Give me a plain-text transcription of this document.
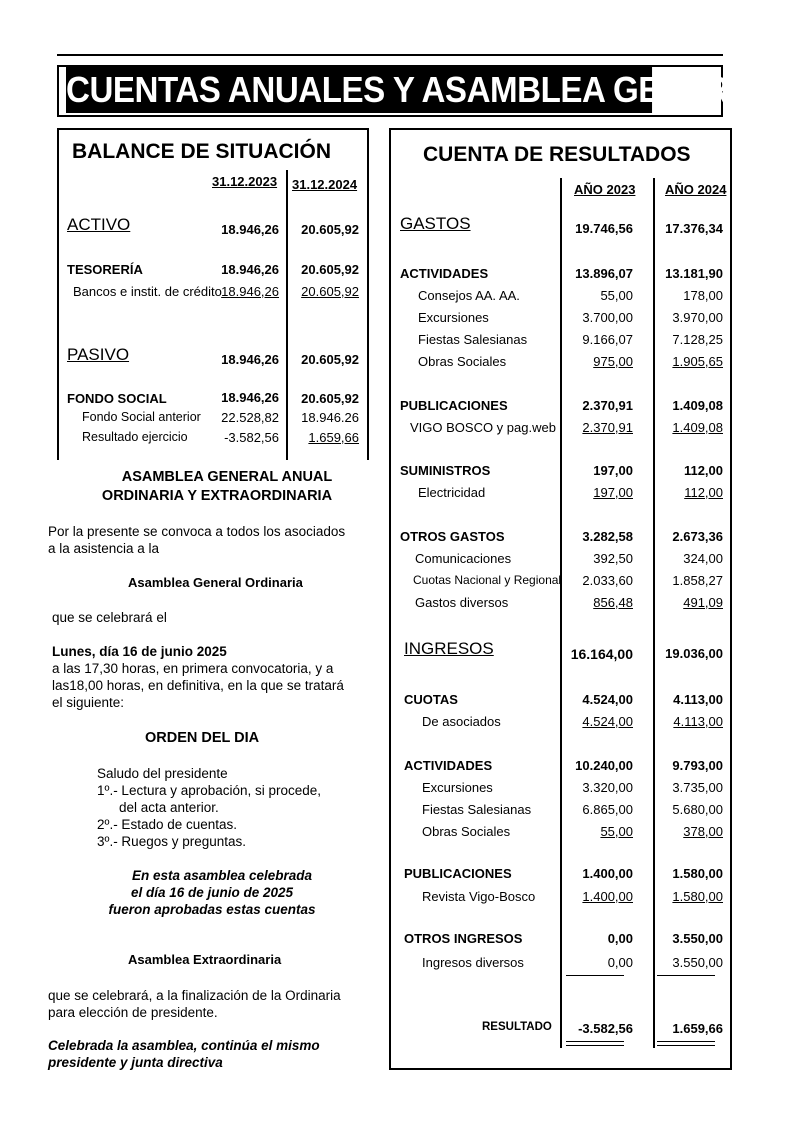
CUENTAS ANUALES Y ASAMBLEA GENERAL
BALANCE DE SITUACIÓN
31.12.2023 31.12.2024
ACTIVO	18.946,26	20.605,92
TESORERÍA	18.946,26	20.605,92
Bancos e instit. de crédito 18.946,26	20.605,92
PASIVO	18.946,26	20.605,92
FONDO SOCIAL	18.946,26	20.605,92
Fondo Social anterior	22.528,82	18.946.26
Resultado ejercicio	-3.582,56	1.659,66
ASAMBLEA GENERAL ANUAL
ORDINARIA Y EXTRAORDINARIA
Por la presente se convoca a todos los asociados
a la asistencia a la
Asamblea General Ordinaria
que se celebrará el
Lunes, día 16 de junio 2025
a las 17,30 horas, en primera convocatoria, y a
las18,00 horas, en definitiva, en la que se tratará
el siguiente:
ORDEN DEL DIA
Saludo del presidente
1º.- Lectura y aprobación, si procede,
del acta anterior.
2º.- Estado de cuentas.
3º.- Ruegos y preguntas.
En esta asamblea celebrada
el día 16 de junio de 2025
fueron aprobadas estas cuentas
Asamblea Extraordinaria
que se celebrará, a la finalización de la Ordinaria
para elección de presidente.
Celebrada la asamblea, continúa el mismo
presidente y junta directiva
CUENTA DE RESULTADOS
AÑO 2023 AÑO 2024
GASTOS	19.746,56	17.376,34
ACTIVIDADES	13.896,07	13.181,90
Consejos AA. AA.	55,00	178,00
Excursiones	3.700,00	3.970,00
Fiestas Salesianas	9.166,07	7.128,25
Obras Sociales	975,00	1.905,65
PUBLICACIONES	2.370,91	1.409,08
VIGO BOSCO y pag.web	2.370,91	1.409,08
SUMINISTROS	197,00	112,00
Electricidad	197,00	112,00
OTROS GASTOS	3.282,58	2.673,36
Comunicaciones	392,50	324,00
Cuotas Nacional y Regional	2.033,60	1.858,27
Gastos diversos	856,48	491,09
INGRESOS	16.164,00	19.036,00
CUOTAS	4.524,00	4.113,00
De asociados	4.524,00	4.113,00
ACTIVIDADES	10.240,00	9.793,00
Excursiones	3.320,00	3.735,00
Fiestas Salesianas	6.865,00	5.680,00
Obras Sociales	55,00	378,00
PUBLICACIONES	1.400,00	1.580,00
Revista Vigo-Bosco	1.400,00	1.580,00
OTROS INGRESOS	0,00	3.550,00
Ingresos diversos	0,00	3.550,00
RESULTADO	-3.582,56	1.659,66
